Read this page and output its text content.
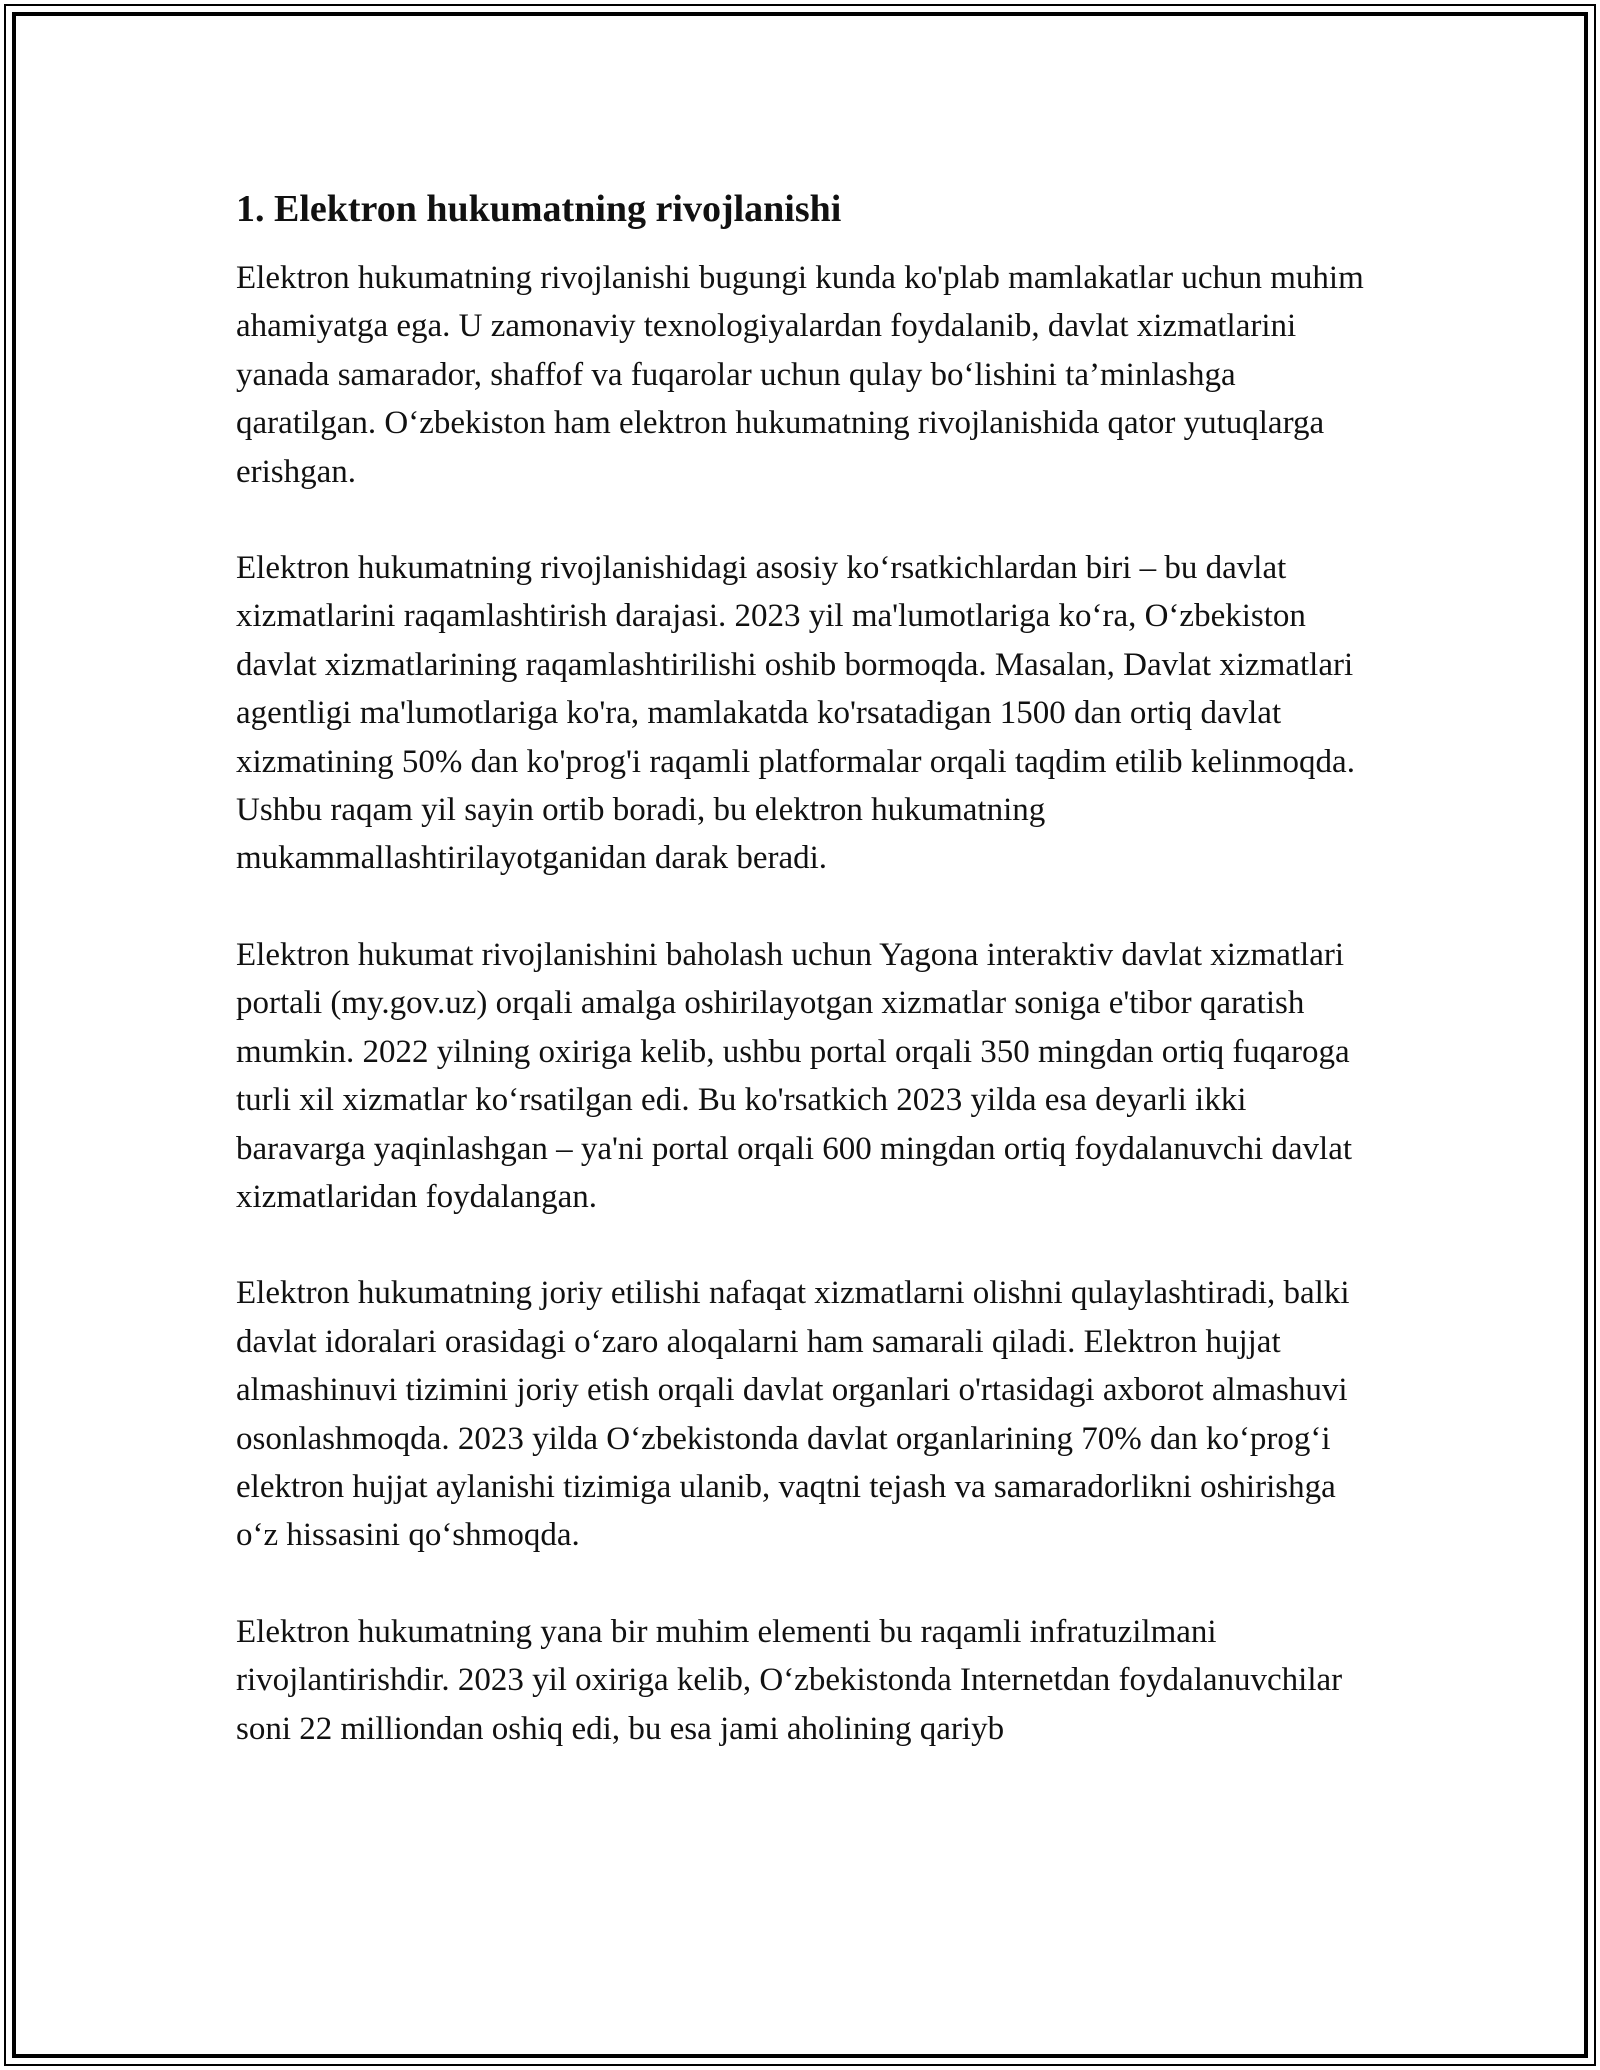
1. Elektron hukumatning rivojlanishi

Elektron hukumatning rivojlanishi bugungi kunda ko'plab mamlakatlar uchun muhim ahamiyatga ega. U zamonaviy texnologiyalardan foydalanib, davlat xizmatlarini yanada samarador, shaffof va fuqarolar uchun qulay bo‘lishini ta’minlashga qaratilgan. O‘zbekiston ham elektron hukumatning rivojlanishida qator yutuqlarga erishgan.

Elektron hukumatning rivojlanishidagi asosiy ko‘rsatkichlardan biri – bu davlat xizmatlarini raqamlashtirish darajasi. 2023 yil ma'lumotlariga ko‘ra, O‘zbekiston davlat xizmatlarining raqamlashtirilishi oshib bormoqda. Masalan, Davlat xizmatlari agentligi ma'lumotlariga ko'ra, mamlakatda ko'rsatadigan 1500 dan ortiq davlat xizmatining 50% dan ko'prog'i raqamli platformalar orqali taqdim etilib kelinmoqda. Ushbu raqam yil sayin ortib boradi, bu elektron hukumatning mukammallashtirilayotganidan darak beradi.

Elektron hukumat rivojlanishini baholash uchun Yagona interaktiv davlat xizmatlari portali (my.gov.uz) orqali amalga oshirilayotgan xizmatlar soniga e'tibor qaratish mumkin. 2022 yilning oxiriga kelib, ushbu portal orqali 350 mingdan ortiq fuqaroga turli xil xizmatlar ko‘rsatilgan edi. Bu ko'rsatkich 2023 yilda esa deyarli ikki baravarga yaqinlashgan – ya'ni portal orqali 600 mingdan ortiq foydalanuvchi davlat xizmatlaridan foydalangan.

Elektron hukumatning joriy etilishi nafaqat xizmatlarni olishni qulaylashtiradi, balki davlat idoralari orasidagi o‘zaro aloqalarni ham samarali qiladi. Elektron hujjat almashinuvi tizimini joriy etish orqali davlat organlari o'rtasidagi axborot almashuvi osonlashmoqda. 2023 yilda O‘zbekistonda davlat organlarining 70% dan ko‘prog‘i elektron hujjat aylanishi tizimiga ulanib, vaqtni tejash va samaradorlikni oshirishga o‘z hissasini qo‘shmoqda.

Elektron hukumatning yana bir muhim elementi bu raqamli infratuzilmani rivojlantirishdir. 2023 yil oxiriga kelib, O‘zbekistonda Internetdan foydalanuvchilar soni 22 milliondan oshiq edi, bu esa jami aholining qariyb
